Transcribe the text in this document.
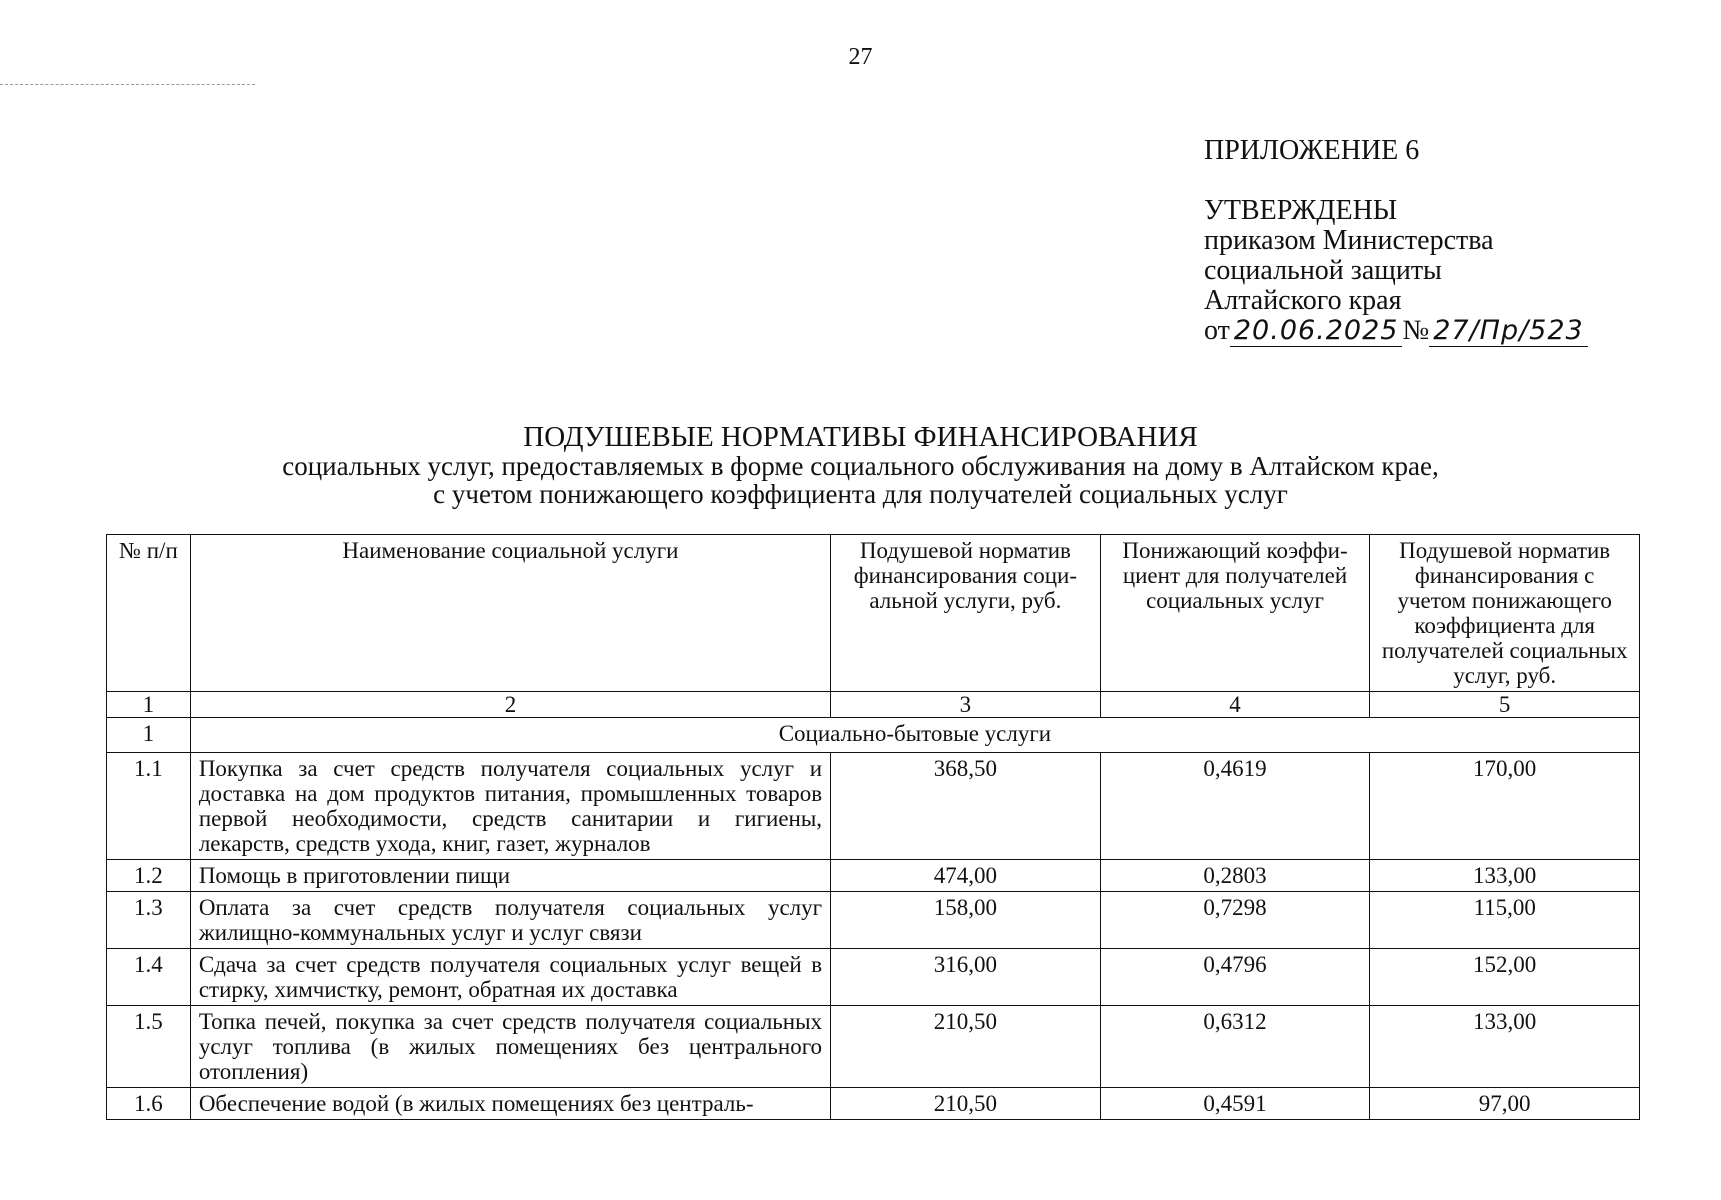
27
ПРИЛОЖЕНИЕ 6
УТВЕРЖДЕНЫ
приказом Министерства
социальной защиты
Алтайского края
от 20.06.2025 № 27/Пр/523
ПОДУШЕВЫЕ НОРМАТИВЫ ФИНАНСИРОВАНИЯ
социальных услуг, предоставляемых в форме социального обслуживания на дому в Алтайском крае,
с учетом понижающего коэффициента для получателей социальных услуг
№ п/п	Наименование социальной услуги	Подушевой норматив финансирования социальной услуги, руб.	Понижающий коэффициент для получателей социальных услуг	Подушевой норматив финансирования с учетом понижающего коэффициента для получателей социальных услуг, руб.
1	2	3	4	5
1	Социально-бытовые услуги			
1.1	Покупка за счет средств получателя социальных услуг и доставка на дом продуктов питания, промышленных товаров первой необходимости, средств санитарии и гигиены, лекарств, средств ухода, книг, газет, журналов	368,50	0,4619	170,00
1.2	Помощь в приготовлении пищи	474,00	0,2803	133,00
1.3	Оплата за счет средств получателя социальных услуг жилищно-коммунальных услуг и услуг связи	158,00	0,7298	115,00
1.4	Сдача за счет средств получателя социальных услуг вещей в стирку, химчистку, ремонт, обратная их доставка	316,00	0,4796	152,00
1.5	Топка печей, покупка за счет средств получателя социальных услуг топлива (в жилых помещениях без центрального отопления)	210,50	0,6312	133,00
1.6	Обеспечение водой (в жилых помещениях без централь-	210,50	0,4591	97,00
